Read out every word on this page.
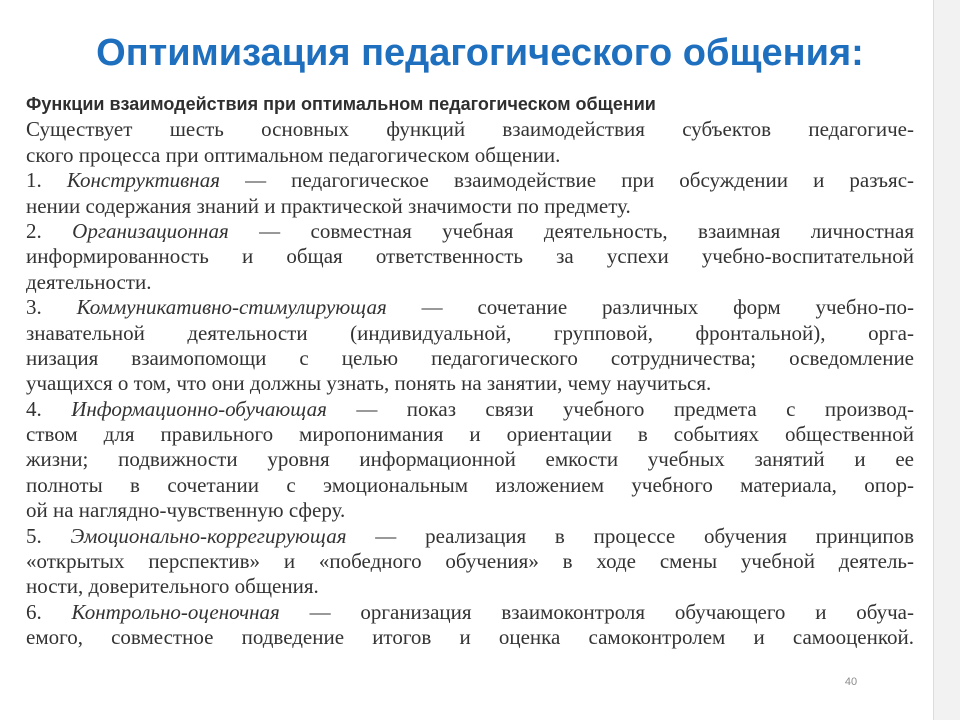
Оптимизация педагогического общения:
Функции взаимодействия при оптимальном педагогическом общении
Существует шесть основных функций взаимодействия субъектов педагогиче-
ского процесса при оптимальном педагогическом общении.
1. Конструктивная — педагогическое взаимодействие при обсуждении и разъяс-
нении содержания знаний и практической значимости по предмету.
2. Организационная — совместная учебная деятельность, взаимная личностная
информированность и общая ответственность за успехи учебно-воспитательной
деятельности.
3. Коммуникативно-стимулирующая — сочетание различных форм учебно-по-
знавательной деятельности (индивидуальной, групповой, фронтальной), орга-
низация взаимопомощи с целью педагогического сотрудничества; осведомление
учащихся о том, что они должны узнать, понять на занятии, чему научиться.
4. Информационно-обучающая — показ связи учебного предмета с производ-
ством для правильного миропонимания и ориентации в событиях общественной
жизни; подвижности уровня информационной емкости учебных занятий и ее
полноты в сочетании с эмоциональным изложением учебного материала, опор-
ой на наглядно-чувственную сферу.
5. Эмоционально-коррегирующая — реализация в процессе обучения принципов
«открытых перспектив» и «победного обучения» в ходе смены учебной деятель-
ности, доверительного общения.
6. Контрольно-оценочная — организация взаимоконтроля обучающего и обуча-
емого, совместное подведение итогов и оценка самоконтролем и самооценкой.
40
